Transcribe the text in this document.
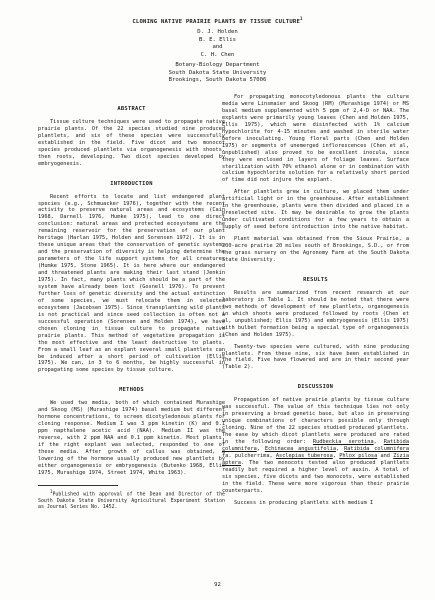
CLONING NATIVE PRAIRIE PLANTS BY TISSUE CULTURE$^1$
D. J. Holden
B. E. Ellis
and
C. H. Chen
Botany-Biology Department
South Dakota State University
Brookings, South Dakota 57006
ABSTRACT

Tissue culture techniques were used to propagate native prairie plants. Of the 22 species studied nine produced plantlets, and six of these species were successfully established in the field. Five dicot and two monocot species produced plantlets via organogenesis with shoots, then roots, developing. Two dicot species developed by embryogenesis.

INTRODUCTION

Recent efforts to locate and list endangered plant species (e.g., Schmuacker 1976), together with the recent activity to preserve natural areas and ecosystems (Cain 1968, Darnell 1976, Humke 1975), lead to one direct conclusion: natural areas and protected ecosystems are the remaining reservoir for the preservation of our plant heritage (Harlan 1975, Holden and Sorensen 1972). It is in these unique areas that the conservation of genetic systems and the preservation of diversity is helping determine the parameters of the life support systems for all creatures (Humke 1975, Stone 1965). It is here where our endangered and threatened plants are making their last stand (Jenkin 1975). In fact, many plants which should be a part of the system have already been lost (Gosnell 1976). To prevent further loss of genetic diversity and the actual extinction of some species, we must relocate them in selected ecosystems (Jacobsen 1975). Since transplanting wild plants is not practical and since seed collection is often not a successful operation (Sorensen and Holden 1974), we have chosen cloning in tissue culture to propagate native prairie plants. This method of vegetative propagation is the most effective and the least destructive to plants. From a small leaf as an explant several small plantlets can be induced after a short period of cultivation (Ellis 1975). We can, in 3 to 6 months, be highly successful in propagating some species by tissue culture.

METHODS

We used two media, both of which contained Murashige and Skoog (MS) (Murashige 1974) basal medium but different hormone concentrations, to screen dicotyledonous plants for cloning response. Medium I was 3 ppm kinetin (K) and 0.1 ppm napthalene acetic acid (NAA). Medium II was the reverse, with 2 ppm NAA and 0.1 ppm kinetin. Most plants, if the right explant was selected, responded to one of these media. After growth of callus was obtained, a lowering of the hormone usually produced new plantlets by either organogenesis or embryogenesis (Butenko 1968, Ellis 1975, Murashige 1974, Street 1974, White 1963).

$^1$Published with approval of the Dean and Director of the South Dakota State University Agricultural Experiment Station as Journal Series No. 1452.

For propagating monocotyledonous plants the culture media were Linsmaier and Skoog (RM) (Murashige 1974) or MS basal medium supplemented with 5 ppm of 2,4-D or NAA. The explants were primarily young leaves (Chen and Holden 1975, Ellis 1975), which were disinfected with 1% calcium hypochlorite for 4-15 minutes and washed in sterile water before inoculating. Young floral parts (Chen and Holden 1975) or segments of unemerged inflorescences (Chen et al, unpublished) also proved to be excellent inocula, since they were enclosed in layers of foliage leaves. Surface sterilization with 70% ethanol alone or in combination with calcium hypochlorite solution for a relatively short period of time did not injure the explant.

After plantlets grew in culture, we placed them under artificial light or in the greenhouse. After establishment in the greenhouse, plants were then divided and placed in a preselected site. It may be desirable to grow the plants under cultivated conditions for a few years to obtain a supply of seed before introduction into the native habitat.

Plant material was obtained from the Sioux Prairie, a 200-acre prairie 20 miles south of Brookings, S.D., or from the grass nursery on the Agronomy Farm at the South Dakota State University.

RESULTS

Results are summarized from recent research at our laboratory in Table 1. It should be noted that there were two methods of development of new plantlets, organogenesis in which shoots were produced followed by roots (Chen et al, unpublished; Ellis 1975) and embryogenesis (Ellis 1975) with bulbet formation being a special type of organogenesis (Chen and Holden 1975).

Twenty-two species were cultured, with nine producing plantlets. From these nine, six have been established in the field. Five have flowered and are in their second year (Table 2).

DISCUSSION

Propagation of native prairie plants by tissue culture was successful. The value of this technique lies not only in preserving a broad genetic base, but also in preserving unique combinations of characters possible only through cloning. Nine of the 22 species studied produced plantlets. The ease by which dicot plantlets were produced are rated in the following order: Rudbeckia serotina, Ratibida columnifera, Echinacea angustifolia, Ratibida columnifera fa. pulcherrima, Asclepias tuberosa, Phlox pilosa and Zizia aptera. The two monocots tested also produced plantlets readily but required a higher level of auxin. A total of six species, five dicots and two monocots, were established in the field. These were more vigorous than their prairie counterparts.

Success in producing plantlets with medium I

92
